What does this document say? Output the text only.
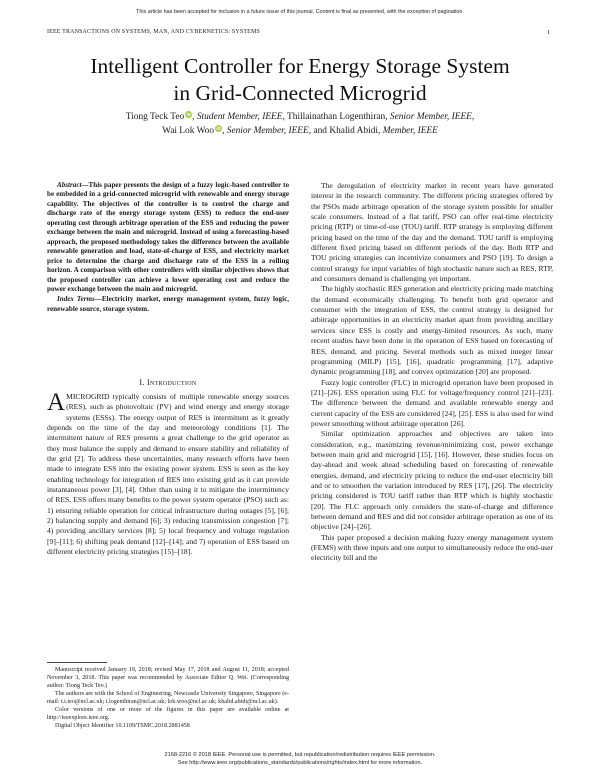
This article has been accepted for inclusion in a future issue of this journal. Content is final as presented, with the exception of pagination.
IEEE TRANSACTIONS ON SYSTEMS, MAN, AND CYBERNETICS: SYSTEMS	1
Intelligent Controller for Energy Storage System
in Grid-Connected Microgrid
Tiong Teck Teo iD, Student Member, IEEE, Thillainathan Logenthiran, Senior Member, IEEE,
Wai Lok Woo iD, Senior Member, IEEE, and Khalid Abidi, Member, IEEE

Abstract—This paper presents the design of a fuzzy logic-based controller to be embedded in a grid-connected microgrid with renewable and energy storage capability. The objectives of the controller is to control the charge and discharge rate of the energy storage system (ESS) to reduce the end-user operating cost through arbitrage operation of the ESS and reducing the power exchange between the main and microgrid. Instead of using a forecasting-based approach, the proposed methodology takes the difference between the available renewable generation and load, state-of-charge of ESS, and electricity market price to determine the charge and discharge rate of the ESS in a rolling horizon. A comparison with other controllers with similar objectives shows that the proposed controller can achieve a lower operating cost and reduce the power exchange between the main and microgrid.

Index Terms—Electricity market, energy management system, fuzzy logic, renewable source, storage system.

I. Introduction

AMICROGRID typically consists of multiple renewable energy sources (RES), such as photovoltaic (PV) and wind energy and energy storage systems (ESSs). The energy output of RES is intermittent as it greatly depends on the time of the day and meteorology conditions [1]. The intermittent nature of RES presents a great challenge to the grid operator as they must balance the supply and demand to ensure stability and reliability of the grid [2]. To address these uncertainties, many research efforts have been made to integrate ESS into the existing power system. ESS is seen as the key enabling technology for integration of RES into existing grid as it can provide instantaneous power [3], [4]. Other than using it to mitigate the intermittency of RES, ESS offers many benefits to the power system operator (PSO) such as: 1) ensuring reliable operation for critical infrastructure during outages [5], [6]; 2) balancing supply and demand [6]; 3) reducing transmission congestion [7]; 4) providing ancillary services [8]; 5) local frequency and voltage regulation [9]–[11]; 6) shifting peak demand [12]–[14]; and 7) operation of ESS based on different electricity pricing strategies [15]–[18].

Manuscript received January 19, 2018; revised May 17, 2018 and August 11, 2018; accepted November 3, 2018. This paper was recommended by Associate Editor Q. Wei. (Corresponding author: Tiong Teck Teo.)

The authors are with the School of Engineering, Newcastle University Singapore, Singapore (e-mail: t.t.teo@ncl.ac.uk; t.logenthiran@ncl.ac.uk; lok.woo@ncl.ac.uk; khalid.abidi@ncl.ac.uk).

Color versions of one or more of the figures in this paper are available online at http://ieeexplore.ieee.org.

Digital Object Identifier 10.1109/TSMC.2018.2881458

The deregulation of electricity market in recent years have generated interest in the research community. The different pricing strategies offered by the PSOs made arbitrage operation of the storage system possible for smaller scale consumers. Instead of a flat tariff, PSO can offer real-time electricity pricing (RTP) or time-of-use (TOU) tariff. RTP strategy is employing different pricing based on the time of the day and the demand. TOU tariff is employing different fixed pricing based on different periods of the day. Both RTP and TOU pricing strategies can incentivize consumers and PSO [19]. To design a control strategy for input variables of high stochastic nature such as RES, RTP, and consumers demand is challenging yet important.

The highly stochastic RES generation and electricity pricing made matching the demand economically challenging. To benefit both grid operator and consumer with the integration of ESS, the control strategy is designed for arbitrage opportunities in an electricity market apart from providing ancillary services since ESS is costly and energy-limited resources. As such, many recent studies have been done in the operation of ESS based on forecasting of RES, demand, and pricing. Several methods such as mixed integer linear programming (MILP) [15], [16], quadratic programming [17], adaptive dynamic programming [18], and convex optimization [20] are proposed.

Fuzzy logic controller (FLC) in microgrid operation have been proposed in [21]–[26]. ESS operation using FLC for voltage/frequency control [21]–[23]. The difference between the demand and available renewable energy and current capacity of the ESS are considered [24], [25]. ESS is also used for wind power smoothing without arbitrage operation [26].

Similar optimization approaches and objectives are taken into consideration, e.g., maximizing revenue/minimizing cost, power exchange between main grid and microgrid [15], [16]. However, these studies focus on day-ahead and week ahead scheduling based on forecasting of renewable energies, demand, and electricity pricing to reduce the end-user electricity bill and or to smoothen the variation introduced by RES [17], [26]. The electricity pricing considered is TOU tariff rather than RTP which is highly stochastic [20]. The FLC approach only considers the state-of-charge and difference between demand and RES and did not consider arbitrage operation as one of its objective [24]–[26].

This paper proposed a decision making fuzzy energy management system (FEMS) with three inputs and one output to simultaneously reduce the end-user electricity bill and the

2168-2216 © 2018 IEEE. Personal use is permitted, but republication/redistribution requires IEEE permission.
See http://www.ieee.org/publications_standards/publications/rights/index.html for more information.
